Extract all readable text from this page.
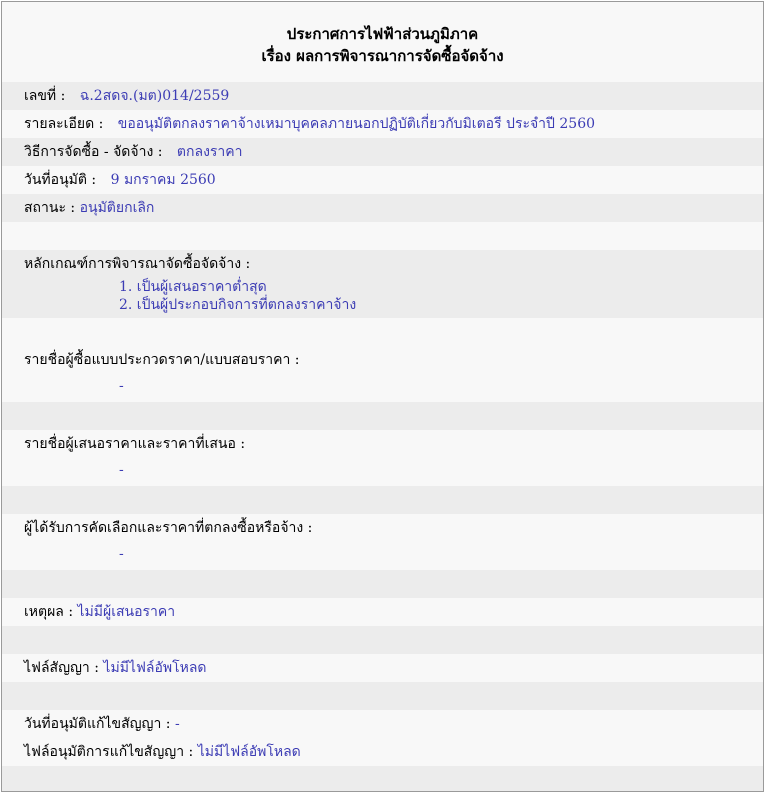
ประกาศการไฟฟ้าส่วนภูมิภาค
เรื่อง ผลการพิจารณาการจัดซื้อจัดจ้าง
เลขที่ : ฉ.2สดจ.(มต)014/2559
รายละเอียด : ขออนุมัติตกลงราคาจ้างเหมาบุคคลภายนอกปฏิบัติเกี่ยวกับมิเตอรี ประจำปี 2560
วิธีการจัดซื้อ - จัดจ้าง : ตกลงราคา
วันที่อนุมัติ : 9 มกราคม 2560
สถานะ : อนุมัติยกเลิก
หลักเกณฑ์การพิจารณาจัดซื้อจัดจ้าง :
1. เป็นผู้เสนอราคาต่ำสุด
2. เป็นผู้ประกอบกิจการที่ตกลงราคาจ้าง
รายชื่อผู้ซื้อแบบประกวดราคา/แบบสอบราคา :
-
รายชื่อผู้เสนอราคาและราคาที่เสนอ :
-
ผู้ได้รับการคัดเลือกและราคาที่ตกลงซื้อหรือจ้าง :
-
เหตุผล : ไม่มีผู้เสนอราคา
ไฟล์สัญญา : ไม่มีไฟล์อัพโหลด
วันที่อนุมัติแก้ไขสัญญา : -
ไฟล์อนุมัติการแก้ไขสัญญา : ไม่มีไฟล์อัพโหลด
